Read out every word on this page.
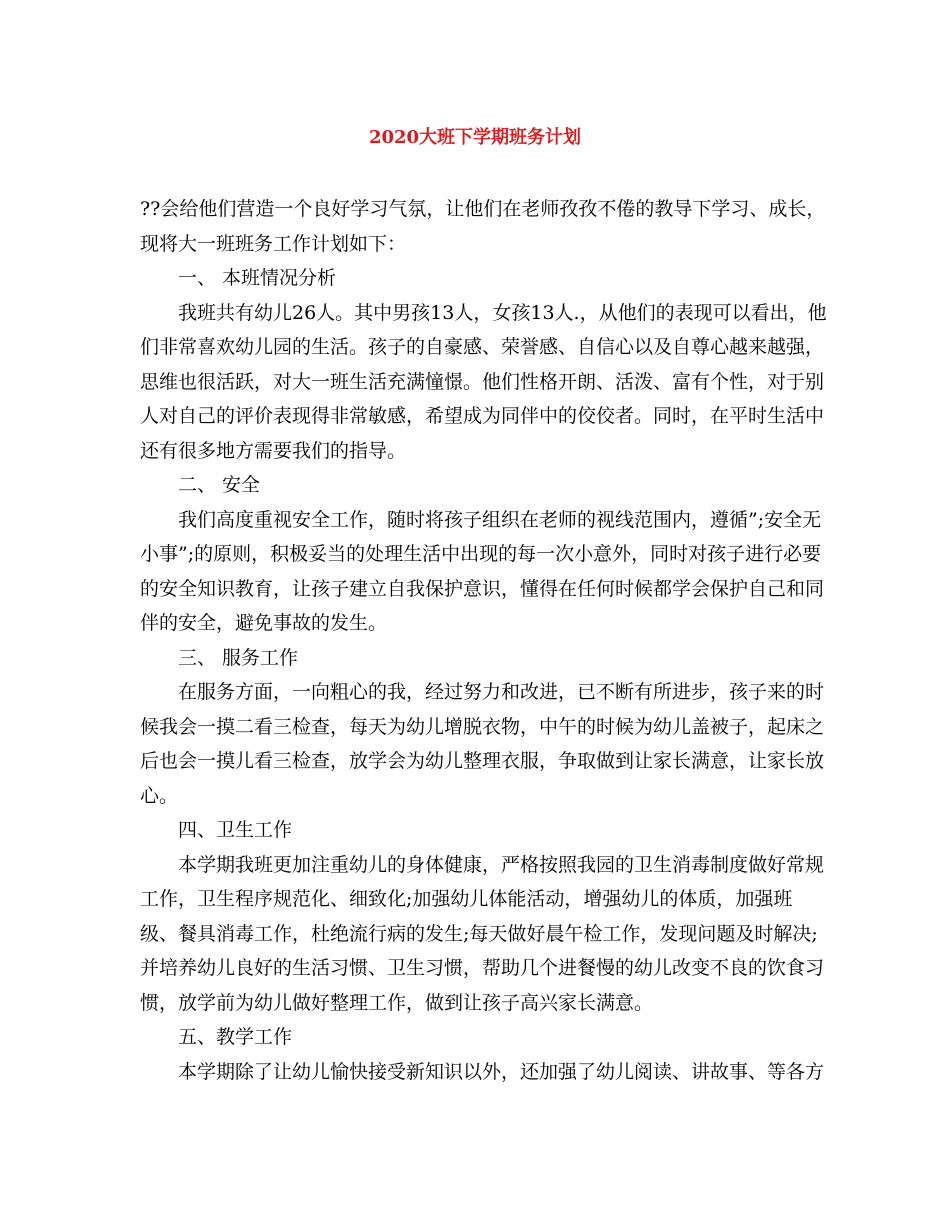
2020大班下学期班务计划

??会给他们营造一个良好学习气氛，让他们在老师孜孜不倦的教导下学习、成长，现将大一班班务工作计划如下：

一、 本班情况分析

我班共有幼儿26人。其中男孩13人，女孩13人.，从他们的表现可以看出，他们非常喜欢幼儿园的生活。孩子的自豪感、荣誉感、自信心以及自尊心越来越强，思维也很活跃，对大一班生活充满憧憬。他们性格开朗、活泼、富有个性，对于别人对自己的评价表现得非常敏感，希望成为同伴中的佼佼者。同时，在平时生活中还有很多地方需要我们的指导。

二、 安全

我们高度重视安全工作，随时将孩子组织在老师的视线范围内，遵循”;安全无小事”;的原则，积极妥当的处理生活中出现的每一次小意外，同时对孩子进行必要的安全知识教育，让孩子建立自我保护意识，懂得在任何时候都学会保护自己和同伴的安全，避免事故的发生。

三、 服务工作

在服务方面，一向粗心的我，经过努力和改进，已不断有所进步，孩子来的时候我会一摸二看三检查，每天为幼儿增脱衣物，中午的时候为幼儿盖被子，起床之后也会一摸儿看三检查，放学会为幼儿整理衣服，争取做到让家长满意，让家长放心。

四、卫生工作

本学期我班更加注重幼儿的身体健康，严格按照我园的卫生消毒制度做好常规工作，卫生程序规范化、细致化;加强幼儿体能活动，增强幼儿的体质，加强班级、餐具消毒工作，杜绝流行病的发生;每天做好晨午检工作，发现问题及时解决;并培养幼儿良好的生活习惯、卫生习惯，帮助几个进餐慢的幼儿改变不良的饮食习惯，放学前为幼儿做好整理工作，做到让孩子高兴家长满意。

五、教学工作

本学期除了让幼儿愉快接受新知识以外，还加强了幼儿阅读、讲故事、等各方
